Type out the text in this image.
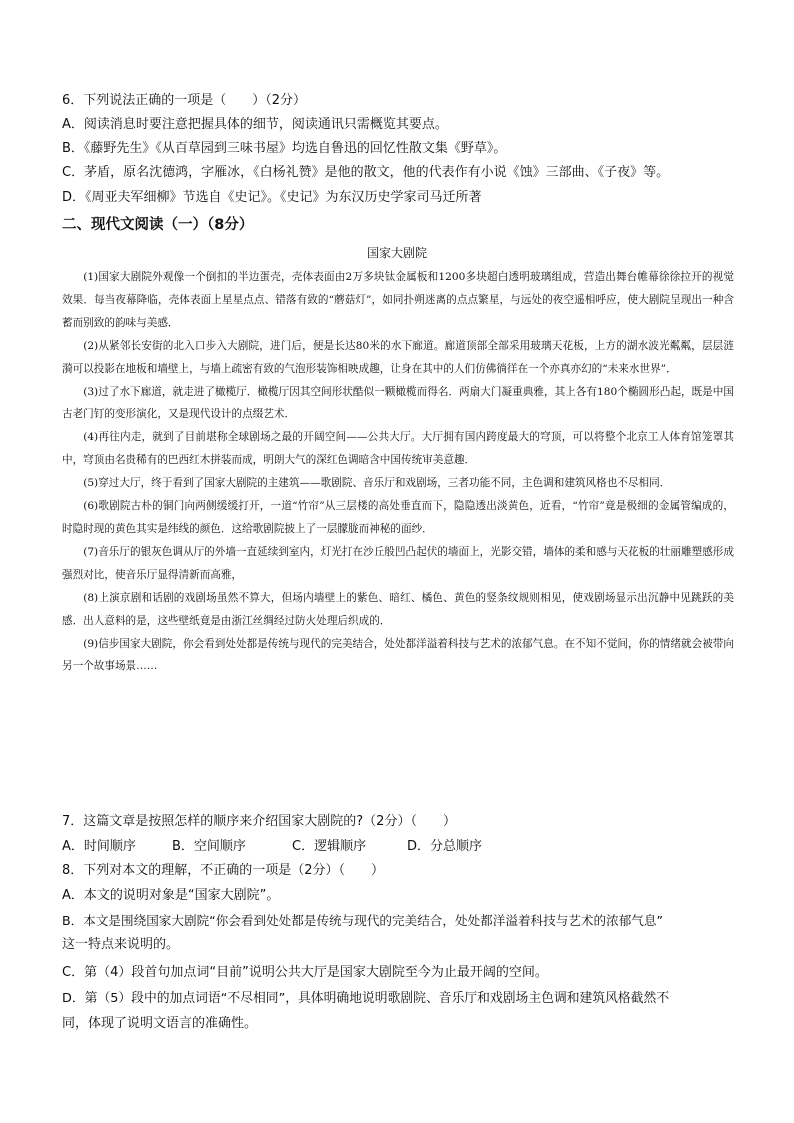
6．下列说法正确的一项是（　　）（2分）
A．阅读消息时要注意把握具体的细节，阅读通讯只需概览其要点。
B．《藤野先生》《从百草园到三味书屋》均选自鲁迅的回忆性散文集《野草》。
C．茅盾，原名沈德鸿，字雁冰，《白杨礼赞》是他的散文，他的代表作有小说《蚀》三部曲、《子夜》等。
D．《周亚夫军细柳》节选自《史记》。《史记》为东汉历史学家司马迁所著
二、现代文阅读（一）（8分）
国家大剧院

(1)国家大剧院外观像一个倒扣的半边蛋壳，壳体表面由2万多块钛金属板和1200多块超白透明玻璃组成，营造出舞台帷幕徐徐拉开的视觉效果．每当夜幕降临，壳体表面上星星点点、错落有致的“蘑菇灯”，如同扑朔迷离的点点繁星，与远处的夜空遥相呼应，使大剧院呈现出一种含蓄而别致的韵味与美感．

(2)从紧邻长安街的北入口步入大剧院，进门后，便是长达80米的水下廊道。廊道顶部全部采用玻璃天花板，上方的湖水波光粼粼，层层涟漪可以投影在地板和墙壁上，与墙上疏密有致的气泡形装饰相映成趣，让身在其中的人们仿佛徜徉在一个亦真亦幻的“未来水世界”．

(3)过了水下廊道，就走进了橄榄厅．橄榄厅因其空间形状酷似一颗橄榄而得名．两扇大门凝重典雅，其上各有180个椭圆形凸起，既是中国古老门钉的变形演化，又是现代设计的点缀艺术．

(4)再往内走，就到了目前堪称全球剧场之最的开阔空间——公共大厅。大厅拥有国内跨度最大的穹顶，可以将整个北京工人体育馆笼罩其中，穹顶由名贵稀有的巴西红木拼装而成，明朗大气的深红色调暗含中国传统审美意趣．

(5)穿过大厅，终于看到了国家大剧院的主建筑——歌剧院、音乐厅和戏剧场，三者功能不同，主色调和建筑风格也不尽相同．

(6)歌剧院古朴的铜门向两侧缓缓打开，一道“竹帘”从三层楼的高处垂直而下，隐隐透出淡黄色，近看，“竹帘”竟是极细的金属管编成的，时隐时现的黄色其实是纬线的颜色．这给歌剧院披上了一层朦胧而神秘的面纱．

(7)音乐厅的银灰色调从厅的外墙一直延续到室内，灯光打在沙丘般凹凸起伏的墙面上，光影交错，墙体的柔和感与天花板的壮丽雕塑感形成强烈对比，使音乐厅显得清新而高雅，

(8)上演京剧和话剧的戏剧场虽然不算大，但场内墙壁上的紫色、暗红、橘色、黄色的竖条纹规则相见，使戏剧场显示出沉静中见跳跃的美感．出人意料的是，这些壁纸竟是由浙江丝绸经过防火处理后织成的．

(9)信步国家大剧院，你会看到处处都是传统与现代的完美结合，处处都洋溢着科技与艺术的浓郁气息。在不知不觉间，你的情绪就会被带向另一个故事场景……

7．这篇文章是按照怎样的顺序来介绍国家大剧院的?（2分）（　　）
A．时间顺序	B．空间顺序	C．逻辑顺序	D．分总顺序
8．下列对本文的理解，不正确的一项是（2分）（　　）
A．本文的说明对象是“国家大剧院”。
B．本文是围绕国家大剧院“你会看到处处都是传统与现代的完美结合，处处都洋溢着科技与艺术的浓郁气息”
这一特点来说明的。
C．第（4）段首句加点词“目前”说明公共大厅是国家大剧院至今为止最开阔的空间。
D．第（5）段中的加点词语“不尽相同”，具体明确地说明歌剧院、音乐厅和戏剧场主色调和建筑风格截然不
同，体现了说明文语言的准确性。
